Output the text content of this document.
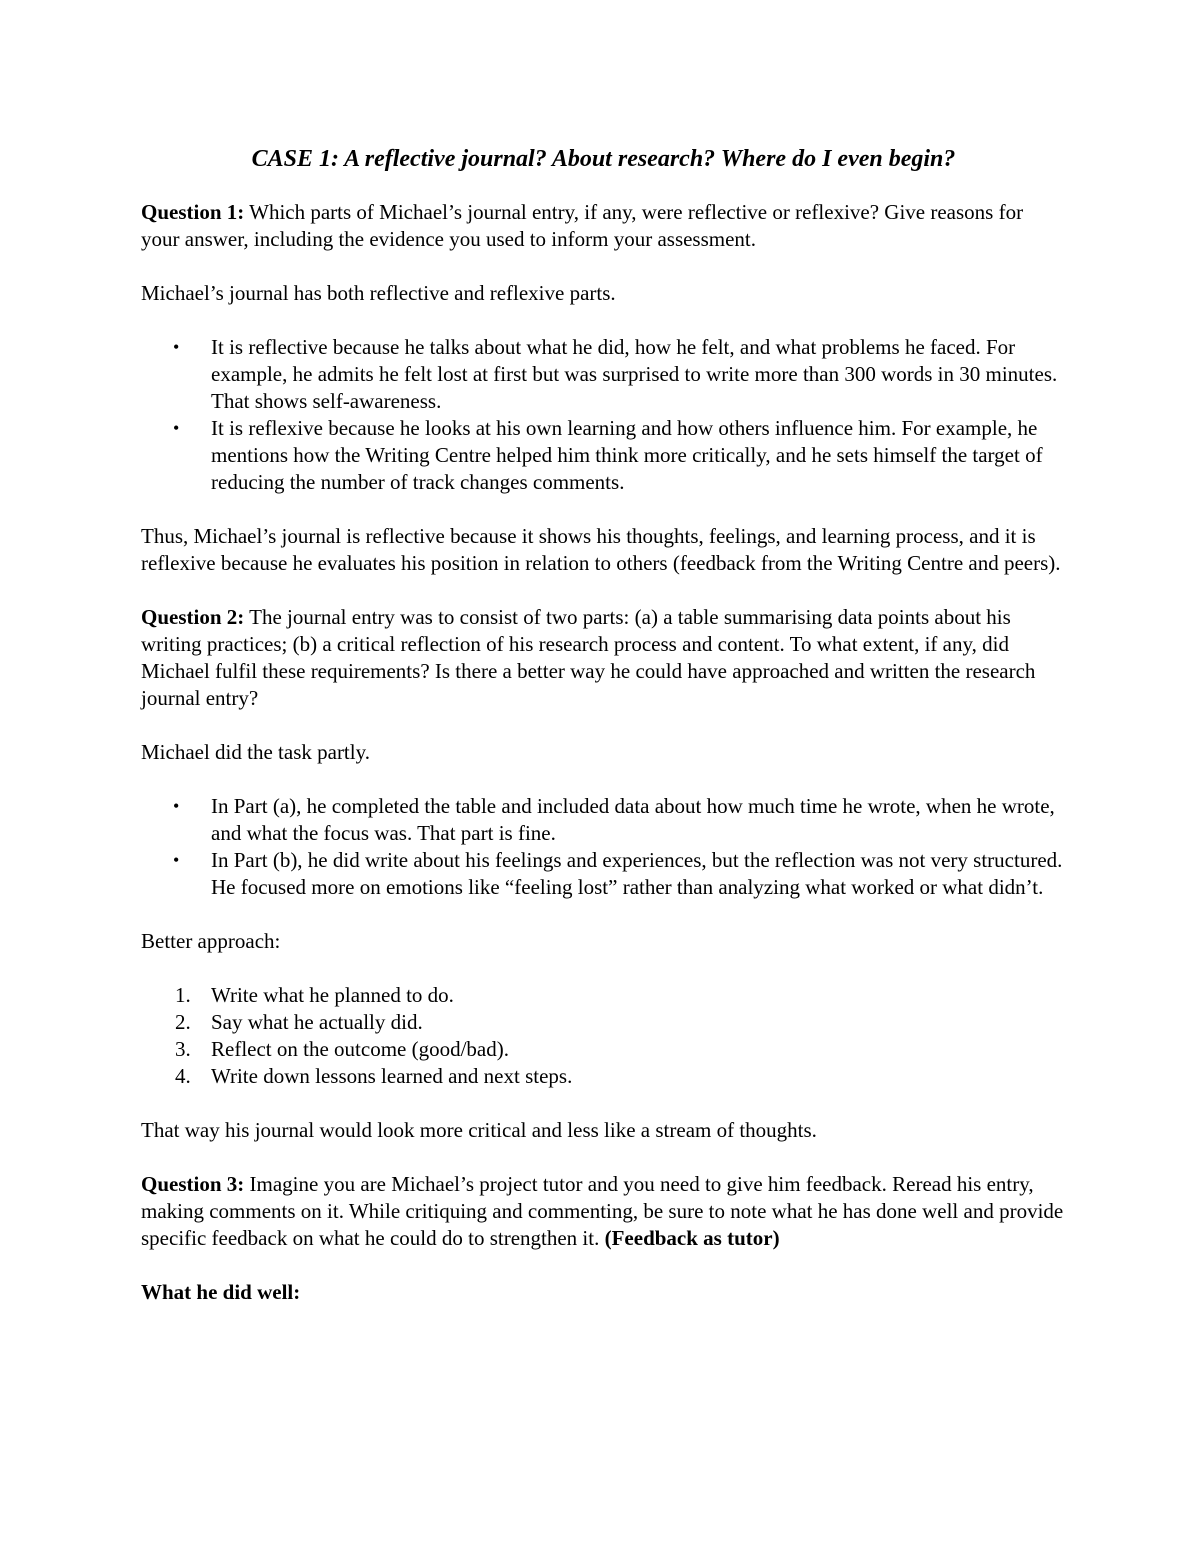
CASE 1: A reflective journal? About research? Where do I even begin?

Question 1: Which parts of Michael’s journal entry, if any, were reflective or reflexive? Give reasons for your answer, including the evidence you used to inform your assessment.

Michael’s journal has both reflective and reflexive parts.

• It is reflective because he talks about what he did, how he felt, and what problems he faced. For example, he admits he felt lost at first but was surprised to write more than 300 words in 30 minutes. That shows self-awareness.
• It is reflexive because he looks at his own learning and how others influence him. For example, he mentions how the Writing Centre helped him think more critically, and he sets himself the target of reducing the number of track changes comments.

Thus, Michael’s journal is reflective because it shows his thoughts, feelings, and learning process, and it is reflexive because he evaluates his position in relation to others (feedback from the Writing Centre and peers).

Question 2: The journal entry was to consist of two parts: (a) a table summarising data points about his writing practices; (b) a critical reflection of his research process and content. To what extent, if any, did Michael fulfil these requirements? Is there a better way he could have approached and written the research journal entry?

Michael did the task partly.

• In Part (a), he completed the table and included data about how much time he wrote, when he wrote, and what the focus was. That part is fine.
• In Part (b), he did write about his feelings and experiences, but the reflection was not very structured. He focused more on emotions like “feeling lost” rather than analyzing what worked or what didn’t.

Better approach:

1. Write what he planned to do.
2. Say what he actually did.
3. Reflect on the outcome (good/bad).
4. Write down lessons learned and next steps.

That way his journal would look more critical and less like a stream of thoughts.

Question 3: Imagine you are Michael’s project tutor and you need to give him feedback. Reread his entry, making comments on it. While critiquing and commenting, be sure to note what he has done well and provide specific feedback on what he could do to strengthen it. (Feedback as tutor)

What he did well:
